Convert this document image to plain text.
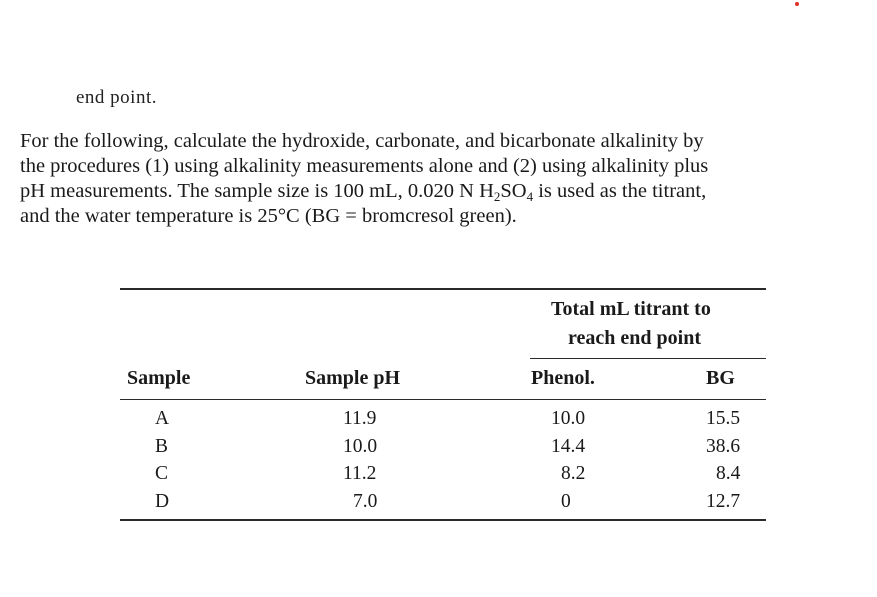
end point.
For the following, calculate the hydroxide, carbonate, and bicarbonate alkalinity by
the procedures (1) using alkalinity measurements alone and (2) using alkalinity plus
pH measurements. The sample size is 100 mL, 0.020 N $H_2SO_4$ is used as the titrant,
and the water temperature is 25°C (BG = bromcresol green).
Total mL titrant to
reach end point
Sample	Sample pH	Phenol.	BG
A	11.9	10.0	15.5
B	10.0	14.4	38.6
C	11.2	8.2	8.4
D	7.0	0	12.7
